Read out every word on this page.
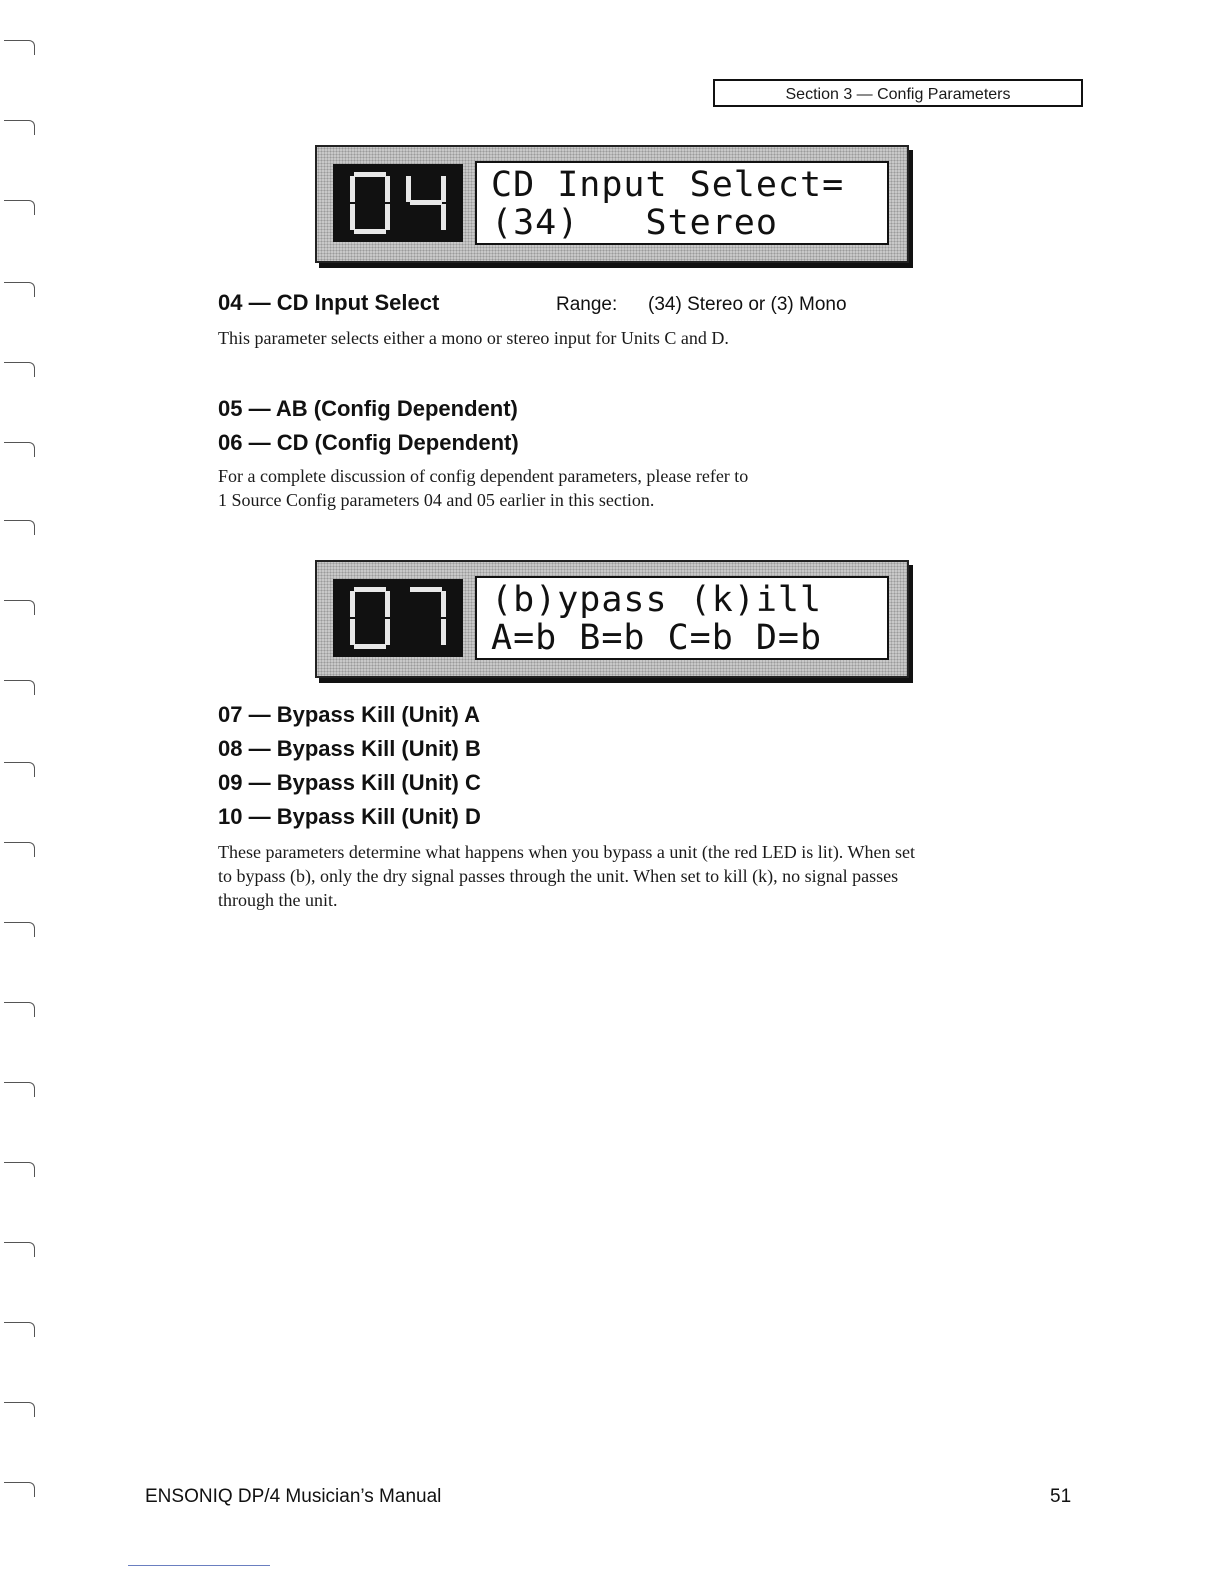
Section 3 — Config Parameters
CD Input Select=
(34)   Stereo
04 — CD Input Select	Range: (34) Stereo or (3) Mono
This parameter selects either a mono or stereo input for Units C and D.
05 — AB (Config Dependent)
06 — CD (Config Dependent)
For a complete discussion of config dependent parameters, please refer to
1 Source Config parameters 04 and 05 earlier in this section.
(b)ypass (k)ill
A=b B=b C=b D=b
07 — Bypass Kill (Unit) A
08 — Bypass Kill (Unit) B
09 — Bypass Kill (Unit) C
10 — Bypass Kill (Unit) D
These parameters determine what happens when you bypass a unit (the red LED is lit). When set
to bypass (b), only the dry signal passes through the unit. When set to kill (k), no signal passes
through the unit.
ENSONIQ DP/4 Musician’s Manual	51
